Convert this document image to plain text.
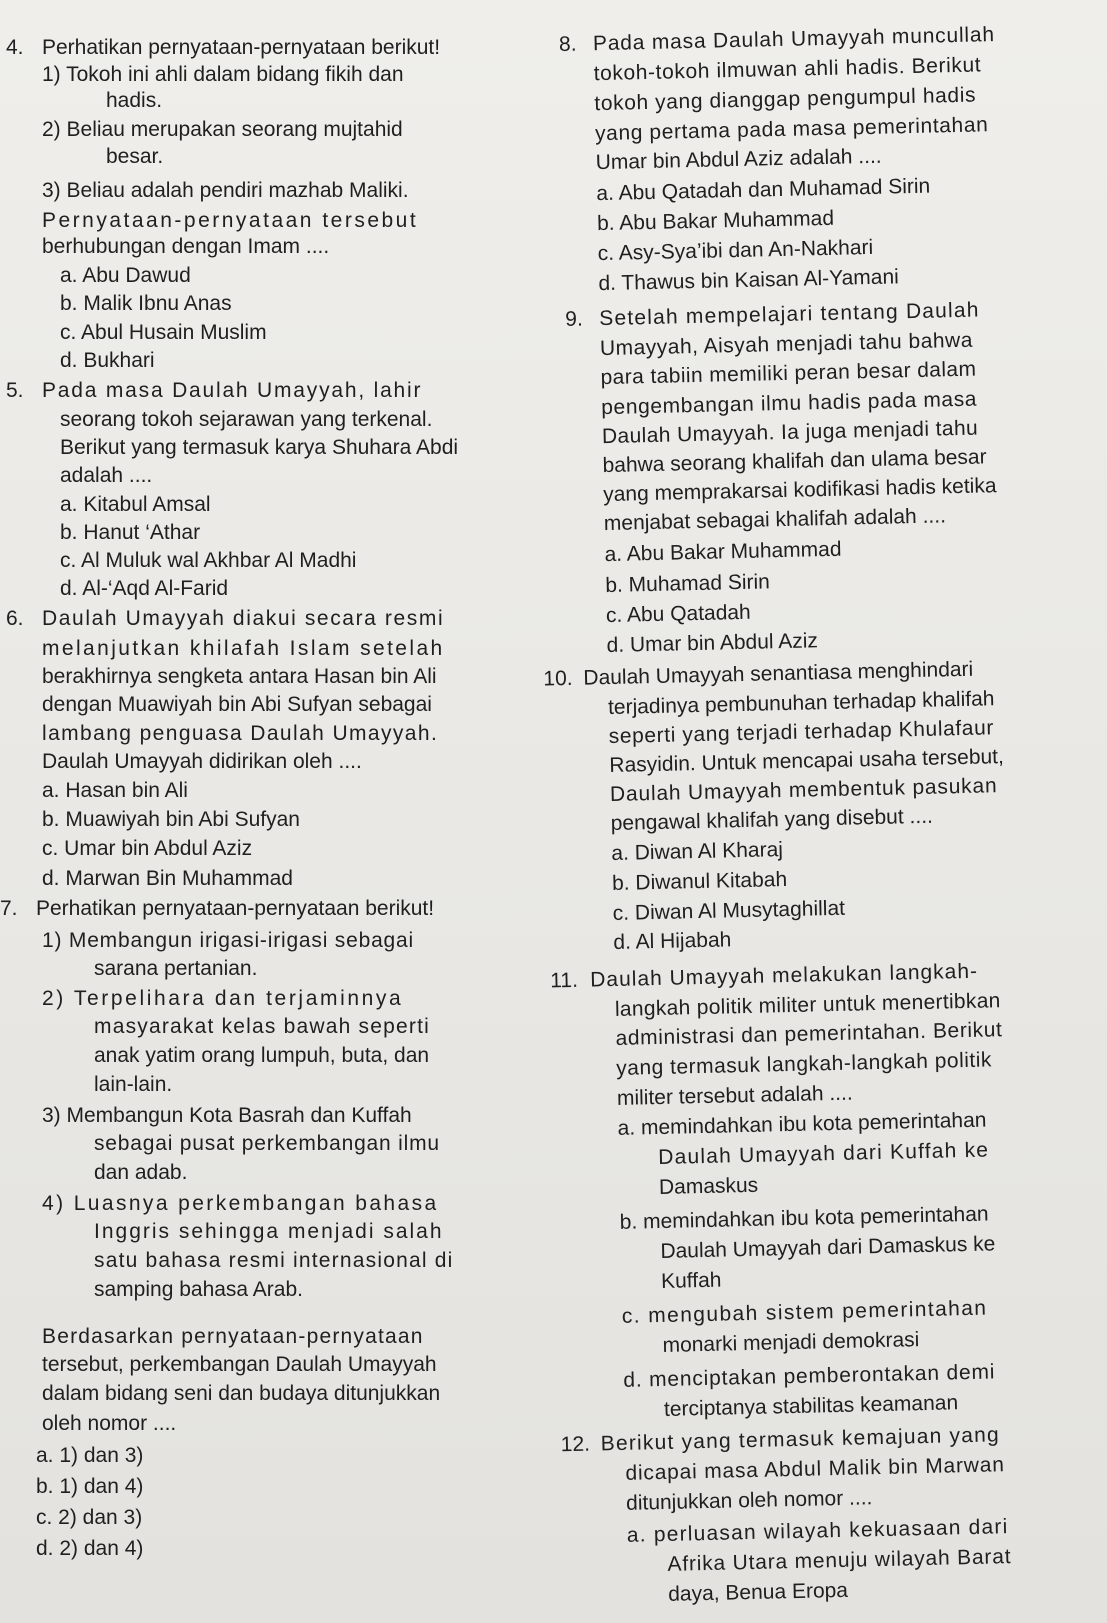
4. Perhatikan pernyataan-pernyataan berikut!
1) Tokoh ini ahli dalam bidang fikih dan
hadis.
2) Beliau merupakan seorang mujtahid
besar.
3) Beliau adalah pendiri mazhab Maliki.
Pernyataan-pernyataan tersebut
berhubungan dengan Imam ....
a. Abu Dawud
b. Malik Ibnu Anas
c. Abul Husain Muslim
d. Bukhari
5. Pada masa Daulah Umayyah, lahir
seorang tokoh sejarawan yang terkenal.
Berikut yang termasuk karya Shuhara Abdi
adalah ....
a. Kitabul Amsal
b. Hanut ‘Athar
c. Al Muluk wal Akhbar Al Madhi
d. Al-‘Aqd Al-Farid
6. Daulah Umayyah diakui secara resmi
melanjutkan khilafah Islam setelah
berakhirnya sengketa antara Hasan bin Ali
dengan Muawiyah bin Abi Sufyan sebagai
lambang penguasa Daulah Umayyah.
Daulah Umayyah didirikan oleh ....
a. Hasan bin Ali
b. Muawiyah bin Abi Sufyan
c. Umar bin Abdul Aziz
d. Marwan Bin Muhammad
7. Perhatikan pernyataan-pernyataan berikut!
1) Membangun irigasi-irigasi sebagai
sarana pertanian.
2) Terpelihara dan terjaminnya
masyarakat kelas bawah seperti
anak yatim orang lumpuh, buta, dan
lain-lain.
3) Membangun Kota Basrah dan Kuffah
sebagai pusat perkembangan ilmu
dan adab.
4) Luasnya perkembangan bahasa
Inggris sehingga menjadi salah
satu bahasa resmi internasional di
samping bahasa Arab.
Berdasarkan pernyataan-pernyataan
tersebut, perkembangan Daulah Umayyah
dalam bidang seni dan budaya ditunjukkan
oleh nomor ....
a. 1) dan 3)
b. 1) dan 4)
c. 2) dan 3)
d. 2) dan 4)
8. Pada masa Daulah Umayyah muncullah
tokoh-tokoh ilmuwan ahli hadis. Berikut
tokoh yang dianggap pengumpul hadis
yang pertama pada masa pemerintahan
Umar bin Abdul Aziz adalah ....
a. Abu Qatadah dan Muhamad Sirin
b. Abu Bakar Muhammad
c. Asy-Sya’ibi dan An-Nakhari
d. Thawus bin Kaisan Al-Yamani
9. Setelah mempelajari tentang Daulah
Umayyah, Aisyah menjadi tahu bahwa
para tabiin memiliki peran besar dalam
pengembangan ilmu hadis pada masa
Daulah Umayyah. Ia juga menjadi tahu
bahwa seorang khalifah dan ulama besar
yang memprakarsai kodifikasi hadis ketika
menjabat sebagai khalifah adalah ....
a. Abu Bakar Muhammad
b. Muhamad Sirin
c. Abu Qatadah
d. Umar bin Abdul Aziz
10. Daulah Umayyah senantiasa menghindari
terjadinya pembunuhan terhadap khalifah
seperti yang terjadi terhadap Khulafaur
Rasyidin. Untuk mencapai usaha tersebut,
Daulah Umayyah membentuk pasukan
pengawal khalifah yang disebut ....
a. Diwan Al Kharaj
b. Diwanul Kitabah
c. Diwan Al Musytaghillat
d. Al Hijabah
11. Daulah Umayyah melakukan langkah-
langkah politik militer untuk menertibkan
administrasi dan pemerintahan. Berikut
yang termasuk langkah-langkah politik
militer tersebut adalah ....
a. memindahkan ibu kota pemerintahan
Daulah Umayyah dari Kuffah ke
Damaskus
b. memindahkan ibu kota pemerintahan
Daulah Umayyah dari Damaskus ke
Kuffah
c. mengubah sistem pemerintahan
monarki menjadi demokrasi
d. menciptakan pemberontakan demi
terciptanya stabilitas keamanan
12. Berikut yang termasuk kemajuan yang
dicapai masa Abdul Malik bin Marwan
ditunjukkan oleh nomor ....
a. perluasan wilayah kekuasaan dari
Afrika Utara menuju wilayah Barat
daya, Benua Eropa
